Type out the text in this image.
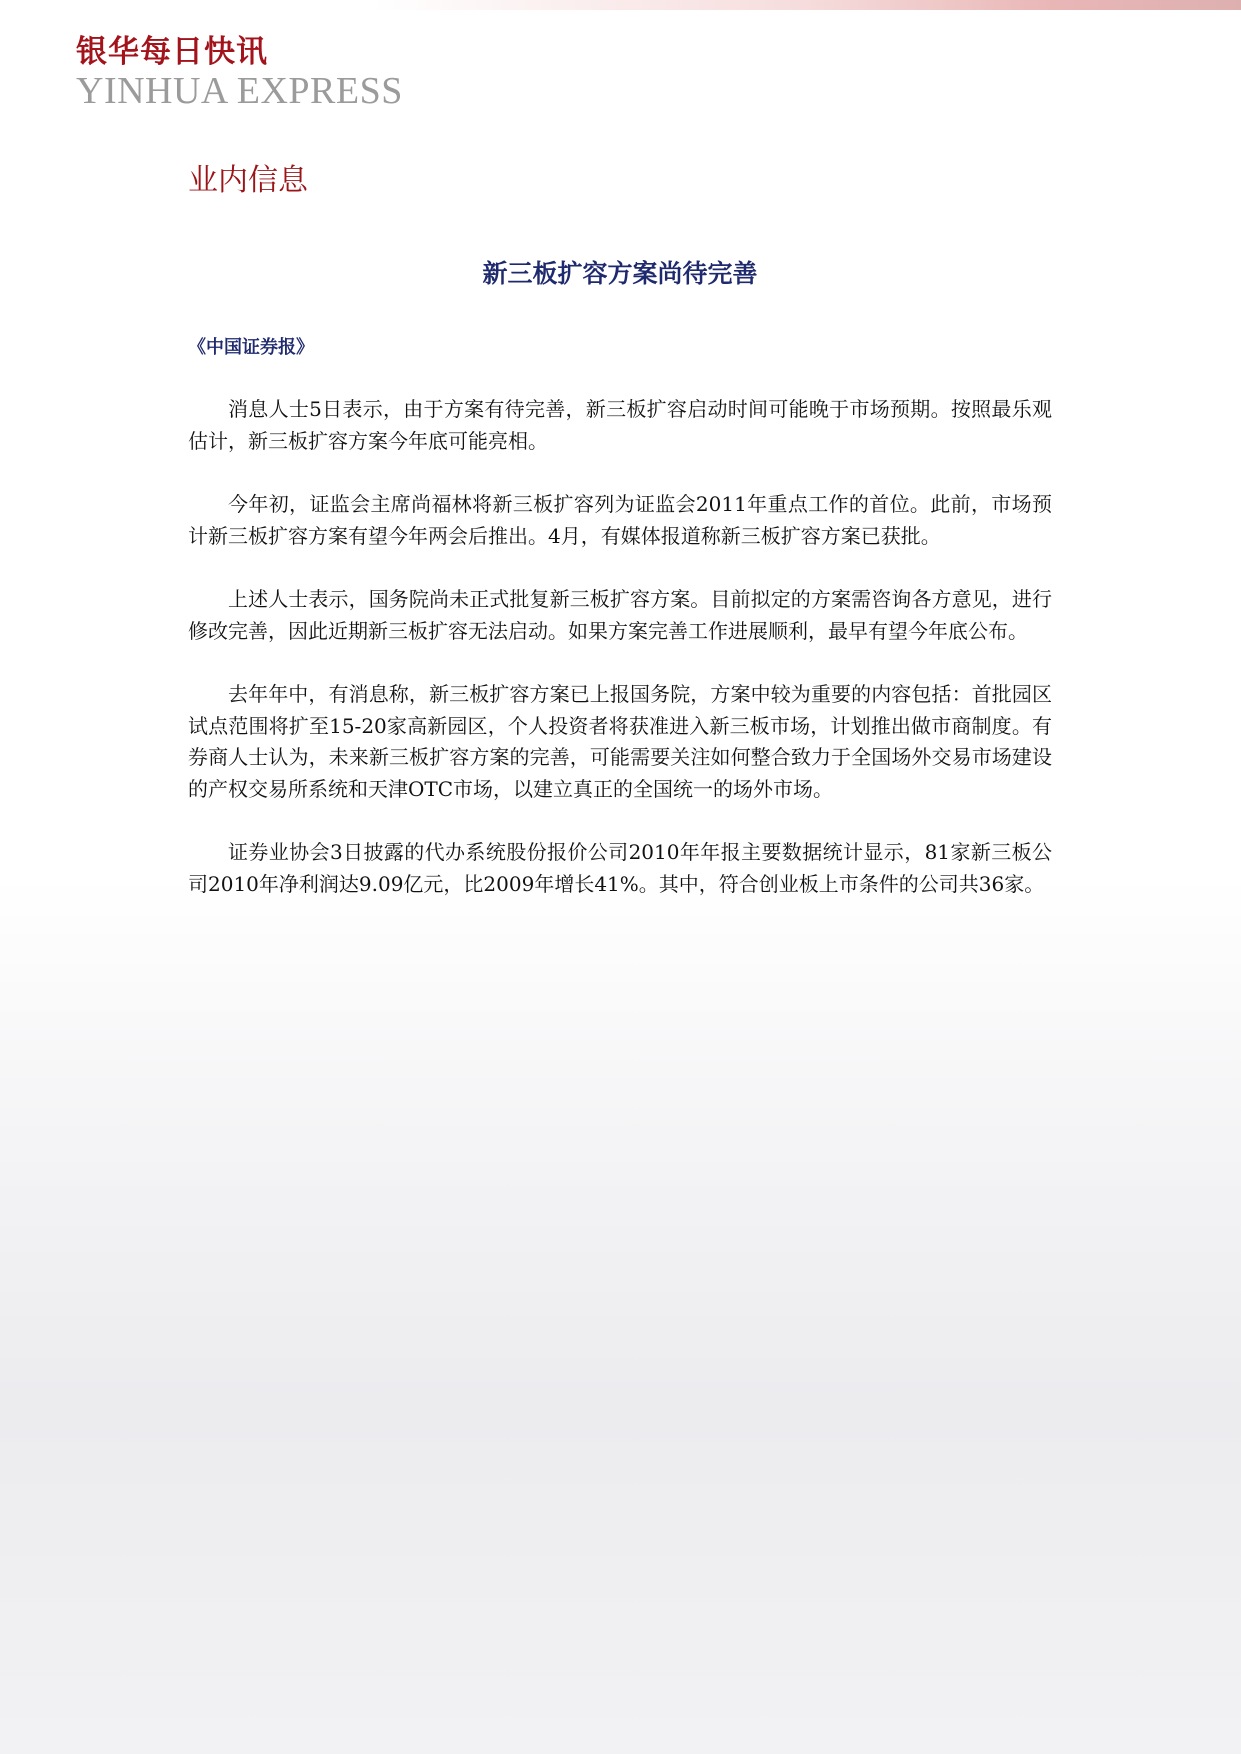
银华每日快讯
YINHUA EXPRESS
业内信息
新三板扩容方案尚待完善

《中国证券报》

消息人士5日表示，由于方案有待完善，新三板扩容启动时间可能晚于市场预期。按照最乐观估计，新三板扩容方案今年底可能亮相。

今年初，证监会主席尚福林将新三板扩容列为证监会2011年重点工作的首位。此前，市场预计新三板扩容方案有望今年两会后推出。4月，有媒体报道称新三板扩容方案已获批。

上述人士表示，国务院尚未正式批复新三板扩容方案。目前拟定的方案需咨询各方意见，进行修改完善，因此近期新三板扩容无法启动。如果方案完善工作进展顺利，最早有望今年底公布。

去年年中，有消息称，新三板扩容方案已上报国务院，方案中较为重要的内容包括：首批园区试点范围将扩至15-20家高新园区，个人投资者将获准进入新三板市场，计划推出做市商制度。有券商人士认为，未来新三板扩容方案的完善，可能需要关注如何整合致力于全国场外交易市场建设的产权交易所系统和天津OTC市场，以建立真正的全国统一的场外市场。

证券业协会3日披露的代办系统股份报价公司2010年年报主要数据统计显示，81家新三板公司2010年净利润达9.09亿元，比2009年增长41%。其中，符合创业板上市条件的公司共36家。
